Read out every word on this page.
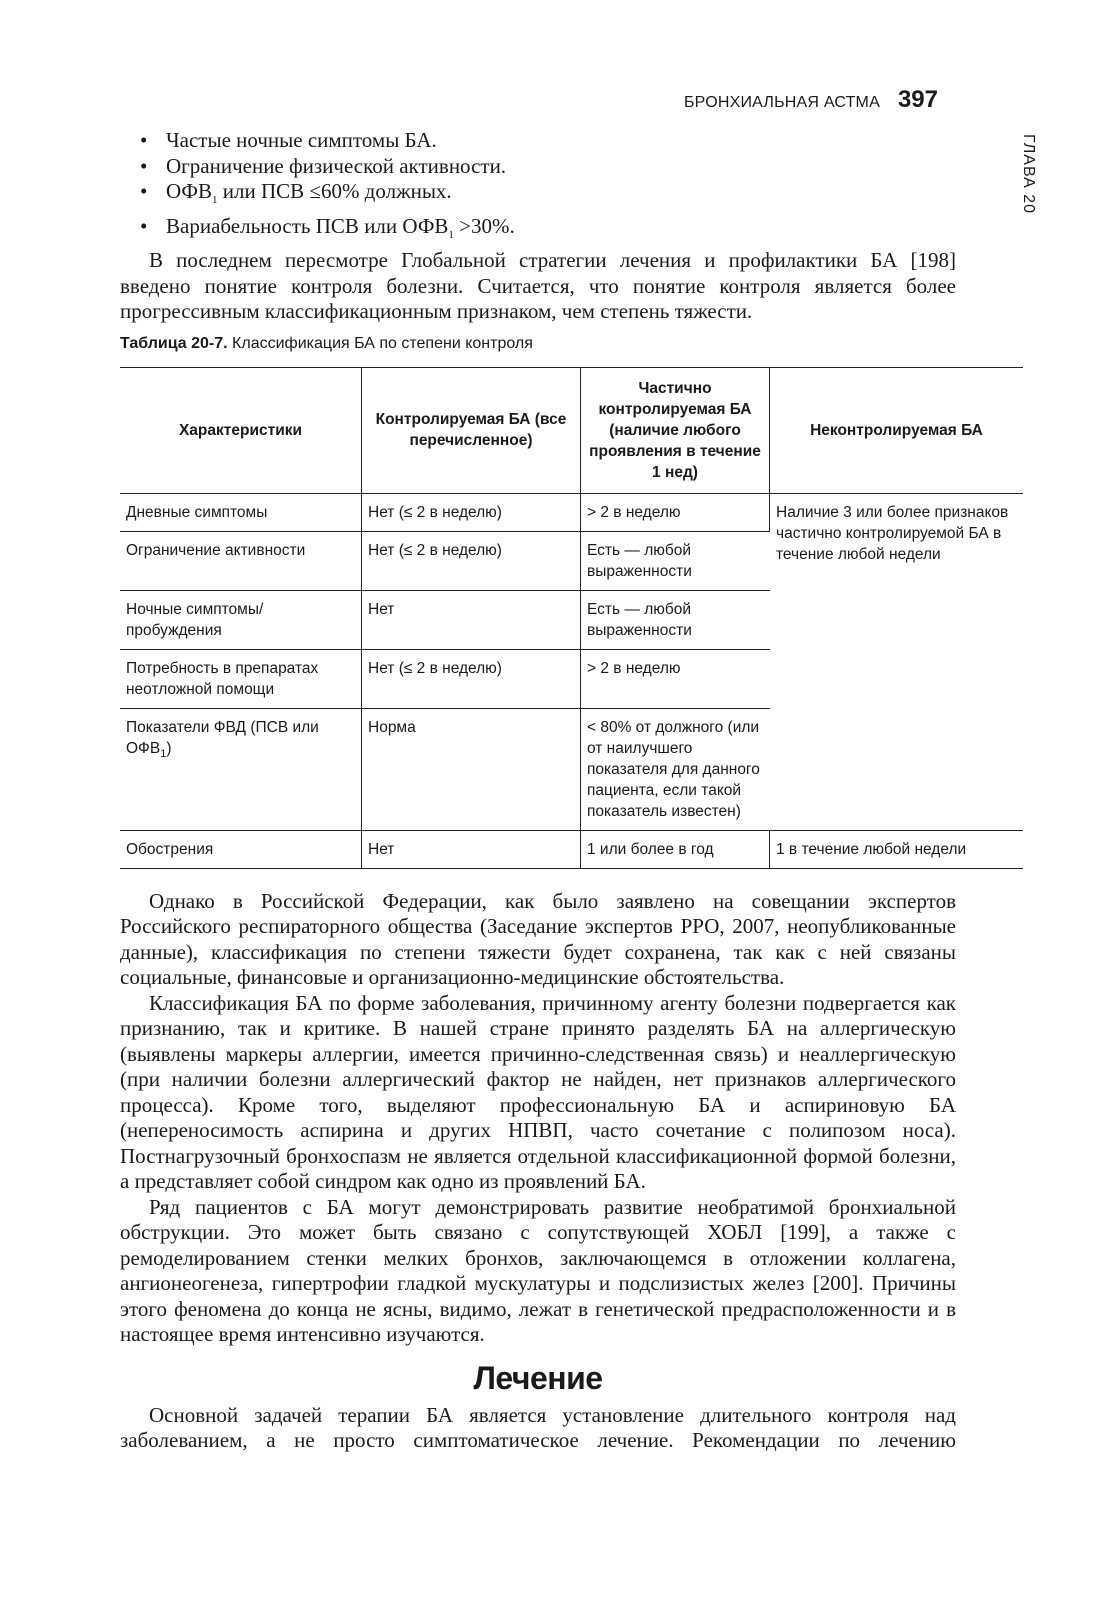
БРОНХИАЛЬНАЯ АСТМА 397
ГЛАВА 20
• Частые ночные симптомы БА.
• Ограничение физической активности.
• $ОФВ_1$ или ПСВ ≤60% должных.
• Вариабельность ПСВ или $ОФВ_1 >30\%$.

В последнем пересмотре Глобальной стратегии лечения и профилактики БА [198] введено понятие контроля болезни. Считается, что понятие контроля является более прогрессивным классификационным признаком, чем степень тяжести.

Таблица 20-7. Классификация БА по степени контроля
Характеристики	Контролируемая БА (все перечисленное)	Частично контролируемая БА (наличие любого проявления в течение 1 нед)	Неконтролируемая БА
Дневные симптомы	Нет (≤ 2 в неделю)	> 2 в неделю	Наличие 3 или более признаков частично контролируемой БА в течение любой недели
Ограничение активности	Нет (≤ 2 в неделю)	Есть — любой выраженности	
Ночные симптомы/пробуждения	Нет	Есть — любой выраженности	
Потребность в препаратах неотложной помощи	Нет (≤ 2 в неделю)	> 2 в неделю	
Показатели ФВД (ПСВ или $ОФВ_1$)	Норма	< 80% от должного (или от наилучшего показателя для данного пациента, если такой показатель известен)	
Обострения	Нет	1 или более в год	1 в течение любой недели

Однако в Российской Федерации, как было заявлено на совещании экспертов Российского респираторного общества (Заседание экспертов РРО, 2007, неопубликованные данные), классификация по степени тяжести будет сохранена, так как с ней связаны социальные, финансовые и организационно-медицинские обстоятельства.

Классификация БА по форме заболевания, причинному агенту болезни подвергается как признанию, так и критике. В нашей стране принято разделять БА на аллергическую (выявлены маркеры аллергии, имеется причинно-следственная связь) и неаллергическую (при наличии болезни аллергический фактор не найден, нет признаков аллергического процесса). Кроме того, выделяют профессиональную БА и аспириновую БА (непереносимость аспирина и других НПВП, часто сочетание с полипозом носа). Постнагрузочный бронхоспазм не является отдельной классификационной формой болезни, а представляет собой синдром как одно из проявлений БА.

Ряд пациентов с БА могут демонстрировать развитие необратимой бронхиальной обструкции. Это может быть связано с сопутствующей ХОБЛ [199], а также с ремоделированием стенки мелких бронхов, заключающемся в отложении коллагена, ангионеогенеза, гипертрофии гладкой мускулатуры и подслизистых желез [200]. Причины этого феномена до конца не ясны, видимо, лежат в генетической предрасположенности и в настоящее время интенсивно изучаются.

Лечение

Основной задачей терапии БА является установление длительного контроля над заболеванием, а не просто симптоматическое лечение. Рекомендации по лечению
